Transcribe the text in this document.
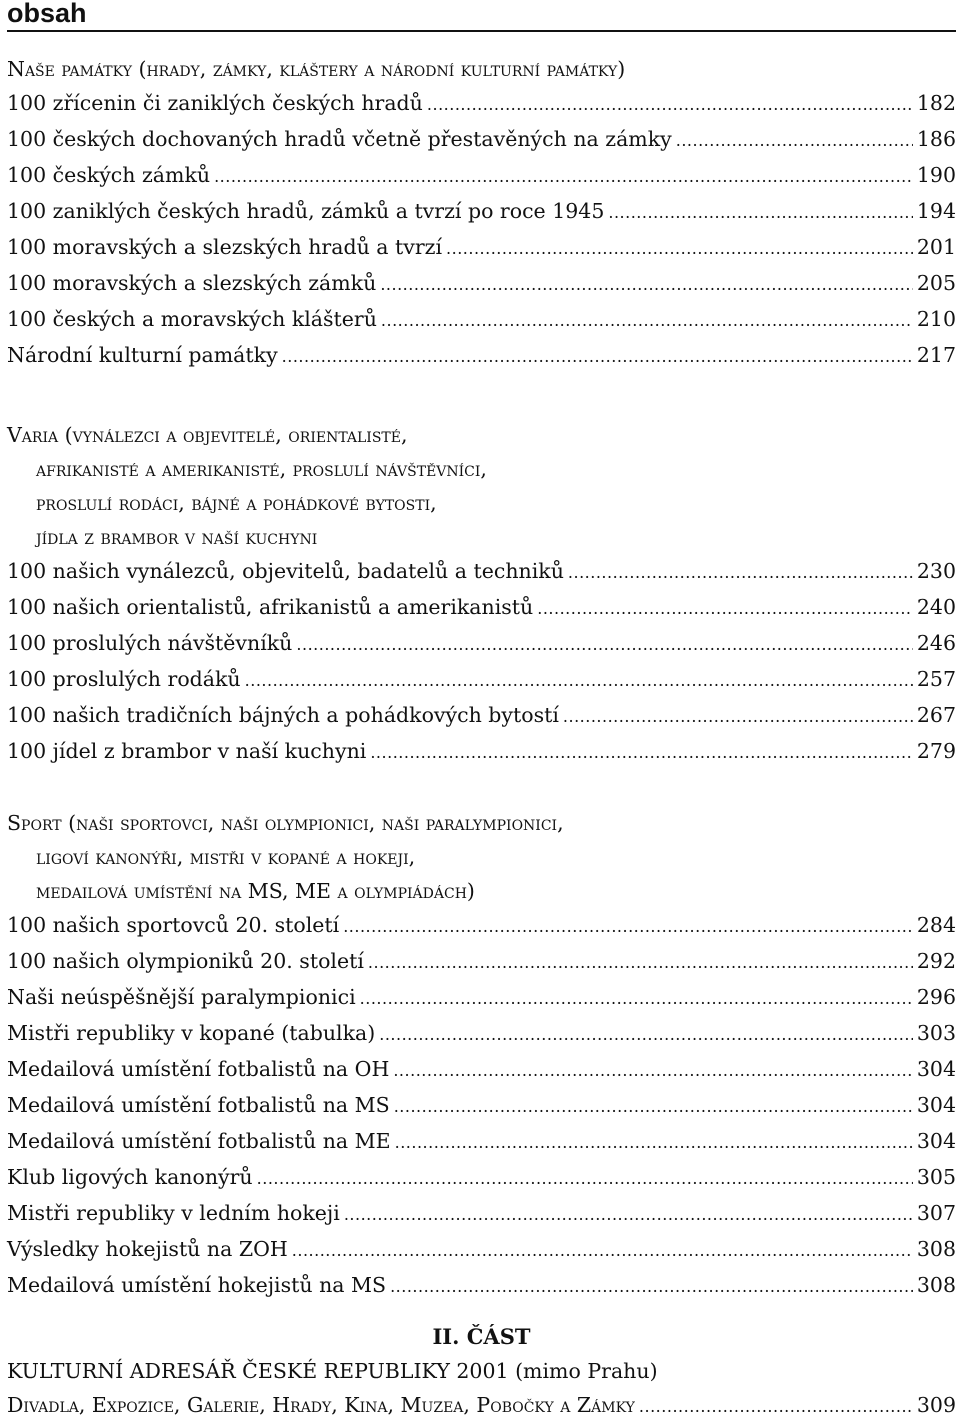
obsah
Naše památky (hrady, zámky, kláštery a národní kulturní památky)
100 zřícenin či zaniklých českých hradů .....	182
100 českých dochovaných hradů včetně přestavěných na zámky .....	186
100 českých zámků .....	190
100 zaniklých českých hradů, zámků a tvrzí po roce 1945 .....	194
100 moravských a slezských hradů a tvrzí .....	201
100 moravských a slezských zámků .....	205
100 českých a moravských klášterů .....	210
Národní kulturní památky .....	217
Varia (vynálezci a objevitelé, orientalisté,
afrikanisté a amerikanisté, proslulí návštěvníci,
proslulí rodáci, bájné a pohádkové bytosti,
jídla z brambor v naší kuchyni
100 našich vynálezců, objevitelů, badatelů a techniků .....	230
100 našich orientalistů, afrikanistů a amerikanistů .....	240
100 proslulých návštěvníků .....	246
100 proslulých rodáků .....	257
100 našich tradičních bájných a pohádkových bytostí .....	267
100 jídel z brambor v naší kuchyni .....	279
Sport (naši sportovci, naši olympionici, naši paralympionici,
ligoví kanonýři, mistři v kopané a hokeji,
medailová umístění na MS, ME a olympiádách)
100 našich sportovců 20. století .....	284
100 našich olympioniků 20. století .....	292
Naši neúspěšnější paralympionici .....	296
Mistři republiky v kopané (tabulka) .....	303
Medailová umístění fotbalistů na OH .....	304
Medailová umístění fotbalistů na MS .....	304
Medailová umístění fotbalistů na ME .....	304
Klub ligových kanonýrů .....	305
Mistři republiky v ledním hokeji .....	307
Výsledky hokejistů na ZOH .....	308
Medailová umístění hokejistů na MS .....	308
II. ČÁST
KULTURNÍ ADRESÁŘ ČESKÉ REPUBLIKY 2001 (mimo Prahu)
Divadla, Expozice, Galerie, Hrady, Kina, Muzea, Pobočky a Zámky .....	309
